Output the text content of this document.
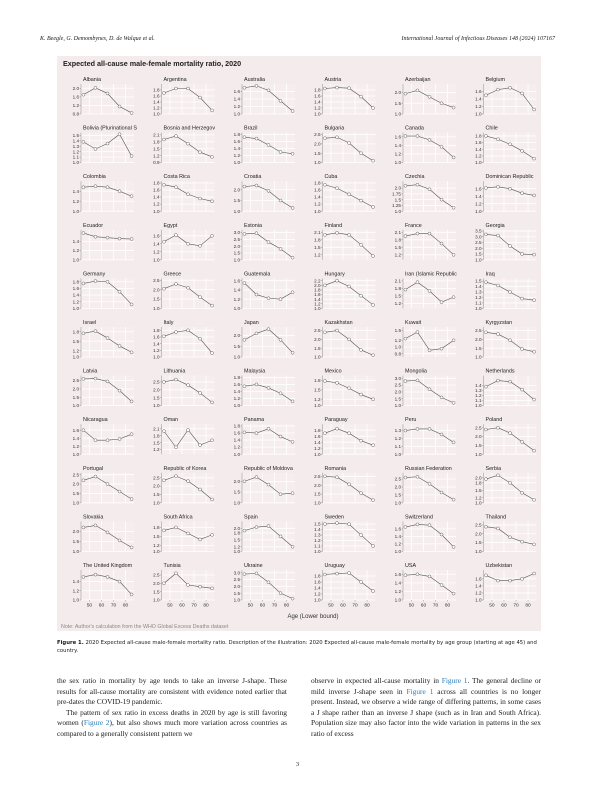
K. Beegle, G. Demombynes, D. de Walque et al.	International Journal of Infectious Diseases 148 (2024) 107167
Expected all-cause male-female mortality ratio, 2020
0.8
1.2
1.6
2.0
Albania
1.0
1.2
1.4
1.6
1.8
Argentina
1.0
1.2
1.4
1.6
Australia
1.0
1.2
1.4
1.6
1.8
Austria
1.0
1.5
2.0
Azerbaijan
1.0
1.2
1.4
1.6
Belgium
1.0
1.1
1.2
1.3
1.4
1.5
Bolivia (Plurinational S
0.9
1.2
1.5
1.8
2.1
Bosnia and Herzegov
1.0
1.2
1.4
1.6
1.8
Brazil
1.0
1.5
2.0
2.5
Bulgaria
1.0
1.2
1.4
1.6
Canada
1.0
1.2
1.4
1.6
1.8
Chile
1.0
1.2
1.4
Colombia
1.0
1.2
1.4
1.6
1.8
Costa Rica
1.0
1.5
2.0
Croatia
1.0
1.2
1.4
1.6
1.8
Cuba
1.0
1.25
1.5
1.75
2.0
Czechia
1.0
1.2
1.4
1.6
Dominican Republic
1.0
1.2
1.4
Ecuador
1.0
1.2
1.4
1.6
Egypt
1.0
1.5
2.0
2.5
3.0
Estonia
1.2
1.5
1.8
2.1
Finland
1.2
1.5
1.8
2.1
France
1.0
1.5
2.0
2.5
3.0
3.5
Georgia
1.0
1.2
1.4
1.6
1.8
Germany
1.0
1.5
2.0
2.5
Greece
1.0
1.2
1.4
1.6
Guatemala
1.0
1.2
1.4
1.6
1.8
2.0
2.2
Hungary
1.2
1.5
1.8
2.1
Iran (Islamic Republic
1.0
1.1
1.2
1.3
1.4
1.5
Iraq
1.0
1.2
1.5
1.8
Israel
1.0
1.2
1.4
1.6
1.8
Italy
1.0
1.5
2.0
Japan
1.0
1.5
2.0
2.5
Kazakhstan
0.8
1.0
1.2
1.5
Kuwait
1.0
1.5
2.0
2.5
Kyrgyzstan
1.0
1.5
2.0
2.5
Latvia
1.0
1.5
2.0
2.5
Lithuania
1.0
1.2
1.4
1.6
1.8
Malaysia
1.0
1.2
1.5
1.8
Mexico
1.0
1.5
2.0
2.5
3.0
Mongolia
1.0
1.1
1.2
1.3
1.4
Netherlands
1.0
1.2
1.4
1.6
Nicaragua
1.2
1.5
1.8
2.1
Oman
1.0
1.2
1.4
1.6
1.8
Panama
1.0
1.2
1.4
1.6
1.8
Paraguay
1.0
1.1
1.2
1.3
Peru
1.0
1.5
2.0
2.5
Poland
1.0
1.5
2.0
2.5
Portugal
1.0
1.5
2.0
2.5
Republic of Korea
1.0
1.5
2.0
Republic of Moldova
1.0
1.5
2.0
2.5
Romania
1.0
1.5
2.0
2.5
Russian Federation
1.0
1.2
1.5
1.8
2.0
Serbia
1.0
1.5
2.0
Slovakia
1.0
1.2
1.5
1.8
South Africa
1.0
1.2
1.5
1.8
2.0
Spain
1.0
1.1
1.2
1.3
1.4
1.5
Sweden
1.0
1.2
1.4
1.6
Switzerland
1.0
1.5
2.0
2.5
Thailand
1.0
1.2
1.4
The United Kingdom
50 60 70 80
1.0
1.5
2.0
2.5
Tunisia
50 60 70 80
1.0
1.5
2.0
2.5
3.0
Ukraine
50 60 70 80
1.0
1.2
1.4
1.6
1.8
Uruguay
50 60 70 80
1.0
1.2
1.4
1.6
USA
50 60 70 80
1.0
1.2
1.4
1.6
Uzbekistan
50 60 70 80
Age (Lower bound)
Note: Author's calculation from the WHO Global Excess Deaths dataset
Figure 1. 2020 Expected all-cause male-female mortality ratio. Description of the illustration: 2020 Expected all-cause male-female mortality by age group (starting at age 45) and country.

the sex ratio in mortality by age tends to take an inverse J-shape. These results for all-cause mortality are consistent with evidence noted earlier that pre-dates the COVID-19 pandemic.

The pattern of sex ratio in excess deaths in 2020 by age is still favoring women (Figure 2), but also shows much more variation across countries as compared to a generally consistent pattern we

observe in expected all-cause mortality in Figure 1. The general decline or mild inverse J-shape seen in Figure 1 across all countries is no longer present. Instead, we observe a wide range of differing patterns, in some cases a J shape rather than an inverse J shape (such as in Iran and South Africa). Population size may also factor into the wide variation in patterns in the sex ratio of excess

3
